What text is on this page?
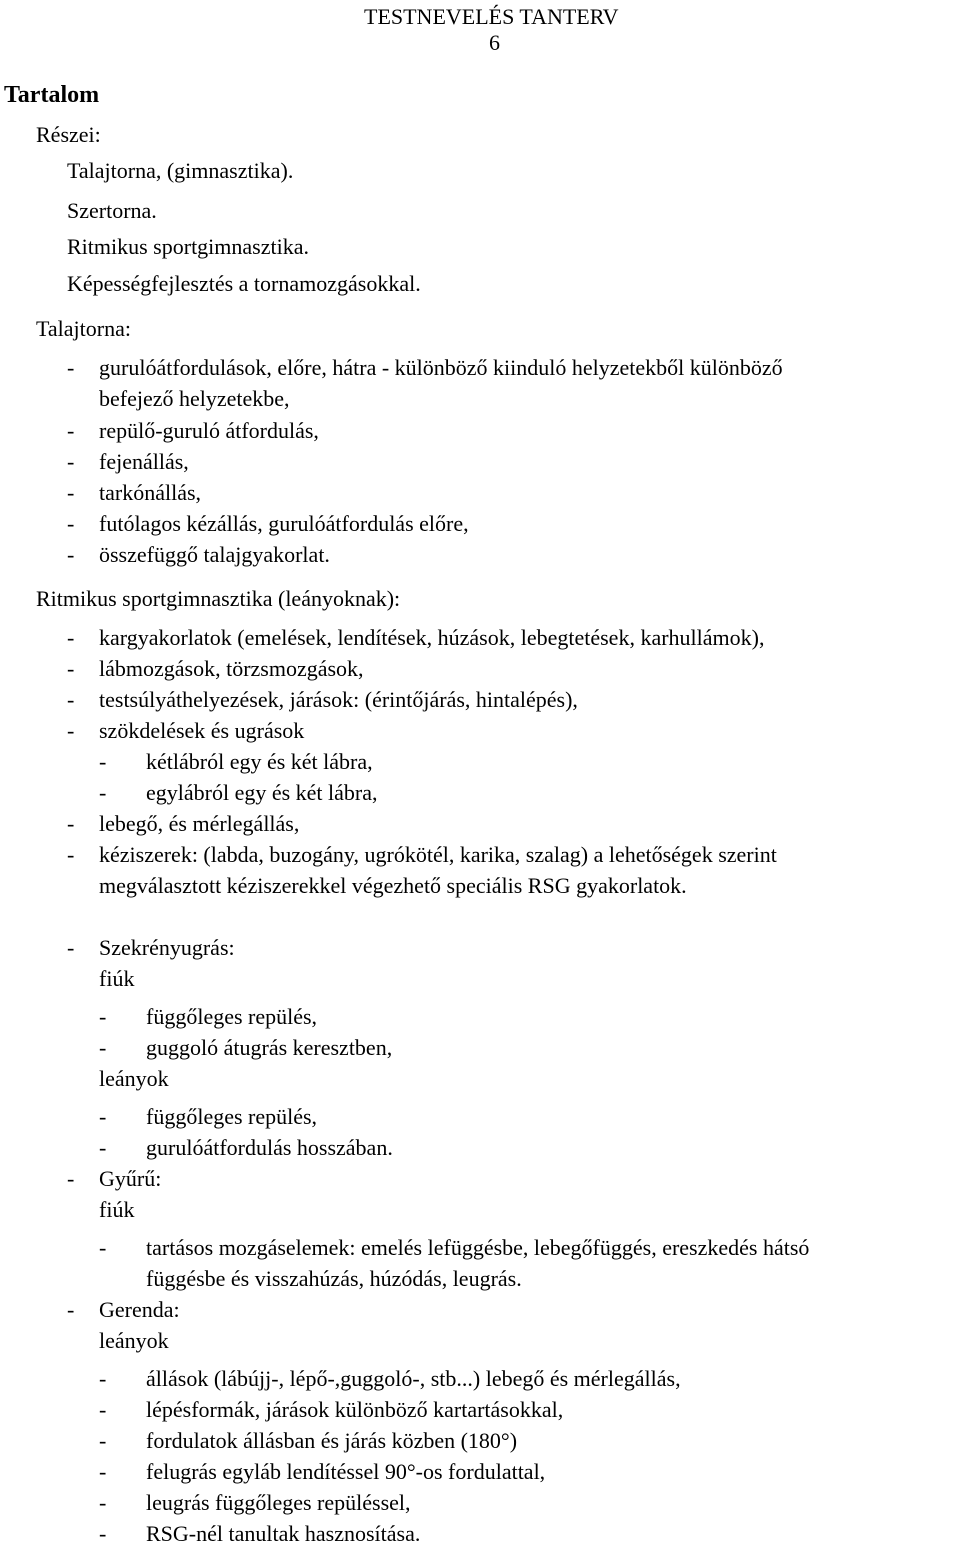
TESTNEVELÉS TANTERV
6
Tartalom
Részei:
Talajtorna, (gimnasztika).
Szertorna.
Ritmikus sportgimnasztika.
Képességfejlesztés a tornamozgásokkal.
Talajtorna:
- gurulóátfordulások, előre, hátra - különböző kiinduló helyzetekből különböző
befejező helyzetekbe,
- repülő-guruló átfordulás,
- fejenállás,
- tarkónállás,
- futólagos kézállás, gurulóátfordulás előre,
- összefüggő talajgyakorlat.
Ritmikus sportgimnasztika (leányoknak):
- kargyakorlatok (emelések, lendítések, húzások, lebegtetések, karhullámok),
- lábmozgások, törzsmozgások,
- testsúlyáthelyezések, járások: (érintőjárás, hintalépés),
- szökdelések és ugrások
- kétlábról egy és két lábra,
- egylábról egy és két lábra,
- lebegő, és mérlegállás,
- kéziszerek: (labda, buzogány, ugrókötél, karika, szalag) a lehetőségek szerint
megválasztott kéziszerekkel végezhető speciális RSG gyakorlatok.
- Szekrényugrás:
fiúk
- függőleges repülés,
- guggoló átugrás keresztben,
leányok
- függőleges repülés,
- gurulóátfordulás hosszában.
- Gyűrű:
fiúk
- tartásos mozgáselemek: emelés lefüggésbe, lebegőfüggés, ereszkedés hátsó
függésbe és visszahúzás, húzódás, leugrás.
- Gerenda:
leányok
- állások (lábújj-, lépő-,guggoló-, stb...) lebegő és mérlegállás,
- lépésformák, járások különböző kartartásokkal,
- fordulatok állásban és járás közben (180°)
- felugrás egyláb lendítéssel 90°-os fordulattal,
- leugrás függőleges repüléssel,
- RSG-nél tanultak hasznosítása.
